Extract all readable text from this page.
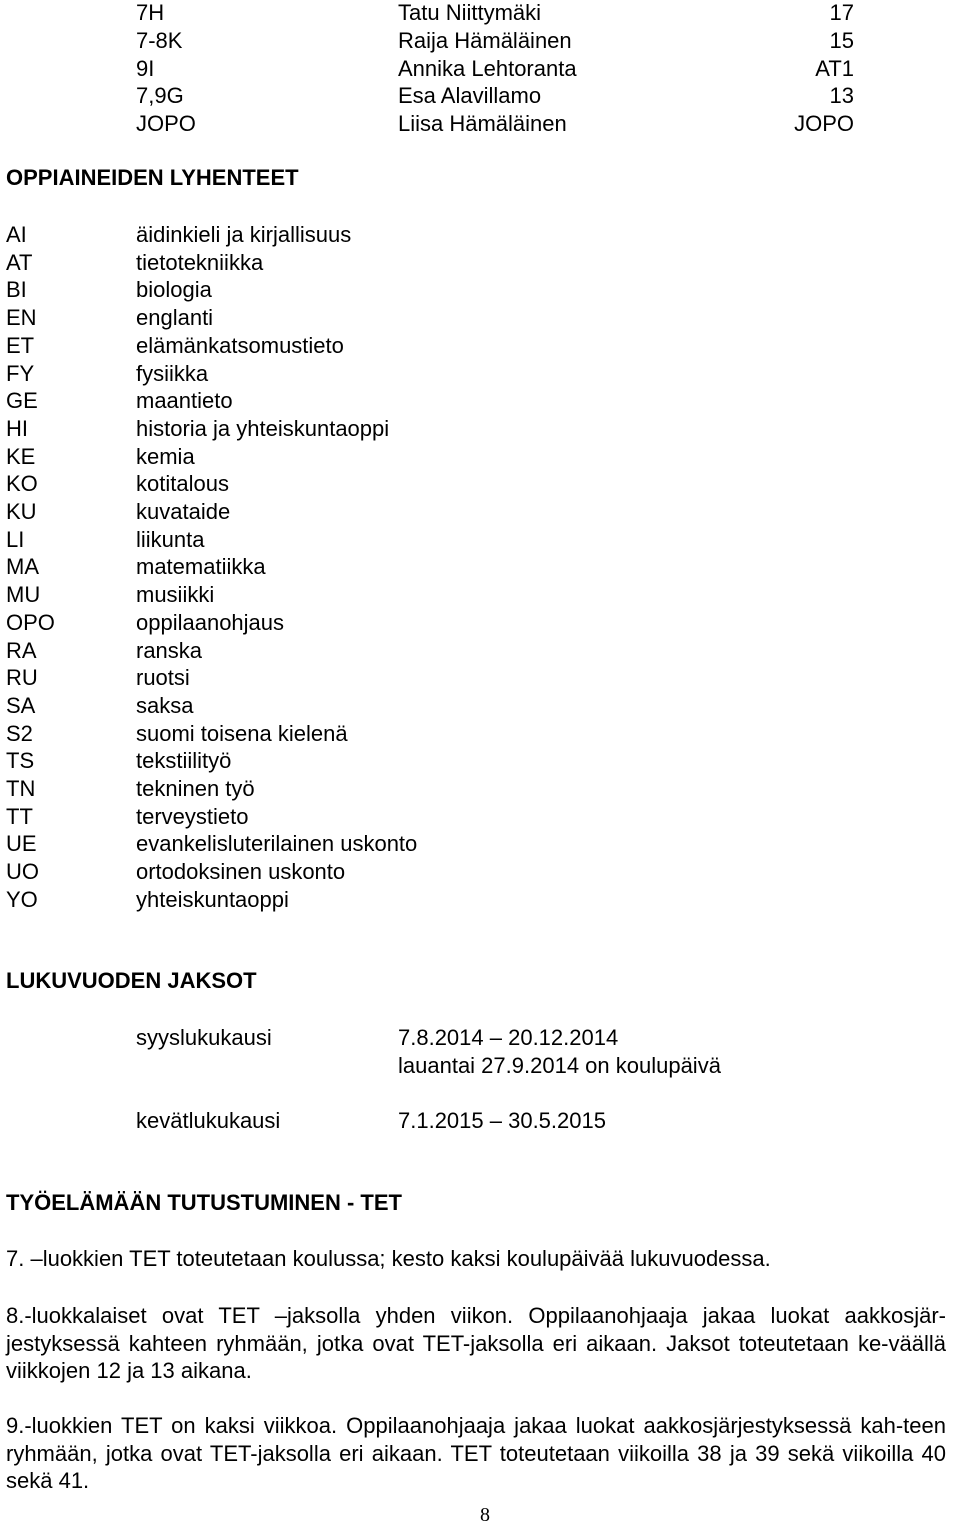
7H	Tatu Niittymäki	17
7-8K	Raija Hämäläinen	15
9I	Annika Lehtoranta	AT1
7,9G	Esa Alavillamo	13
JOPO	Liisa Hämäläinen	JOPO
OPPIAINEIDEN LYHENTEET
AI	äidinkieli ja kirjallisuus
AT	tietotekniikka
BI	biologia
EN	englanti
ET	elämänkatsomustieto
FY	fysiikka
GE	maantieto
HI	historia ja yhteiskuntaoppi
KE	kemia
KO	kotitalous
KU	kuvataide
LI	liikunta
MA	matematiikka
MU	musiikki
OPO	oppilaanohjaus
RA	ranska
RU	ruotsi
SA	saksa
S2	suomi toisena kielenä
TS	tekstiilityö
TN	tekninen työ
TT	terveystieto
UE	evankelisluterilainen uskonto
UO	ortodoksinen uskonto
YO	yhteiskuntaoppi
LUKUVUODEN JAKSOT
syyslukukausi	7.8.2014 – 20.12.2014
lauantai 27.9.2014 on koulupäivä
kevätlukukausi	7.1.2015 – 30.5.2015
TYÖELÄMÄÄN TUTUSTUMINEN - TET

7. –luokkien TET toteutetaan koulussa; kesto kaksi koulupäivää lukuvuodessa.

8.-luokkalaiset ovat TET –jaksolla yhden viikon. Oppilaanohjaaja jakaa luokat aakkosjär-jestyksessä kahteen ryhmään, jotka ovat TET-jaksolla eri aikaan. Jaksot toteutetaan ke-väällä viikkojen 12 ja 13 aikana.

9.-luokkien TET on kaksi viikkoa. Oppilaanohjaaja jakaa luokat aakkosjärjestyksessä kah-teen ryhmään, jotka ovat TET-jaksolla eri aikaan. TET toteutetaan viikoilla 38 ja 39 sekä viikoilla 40 sekä 41.

8
